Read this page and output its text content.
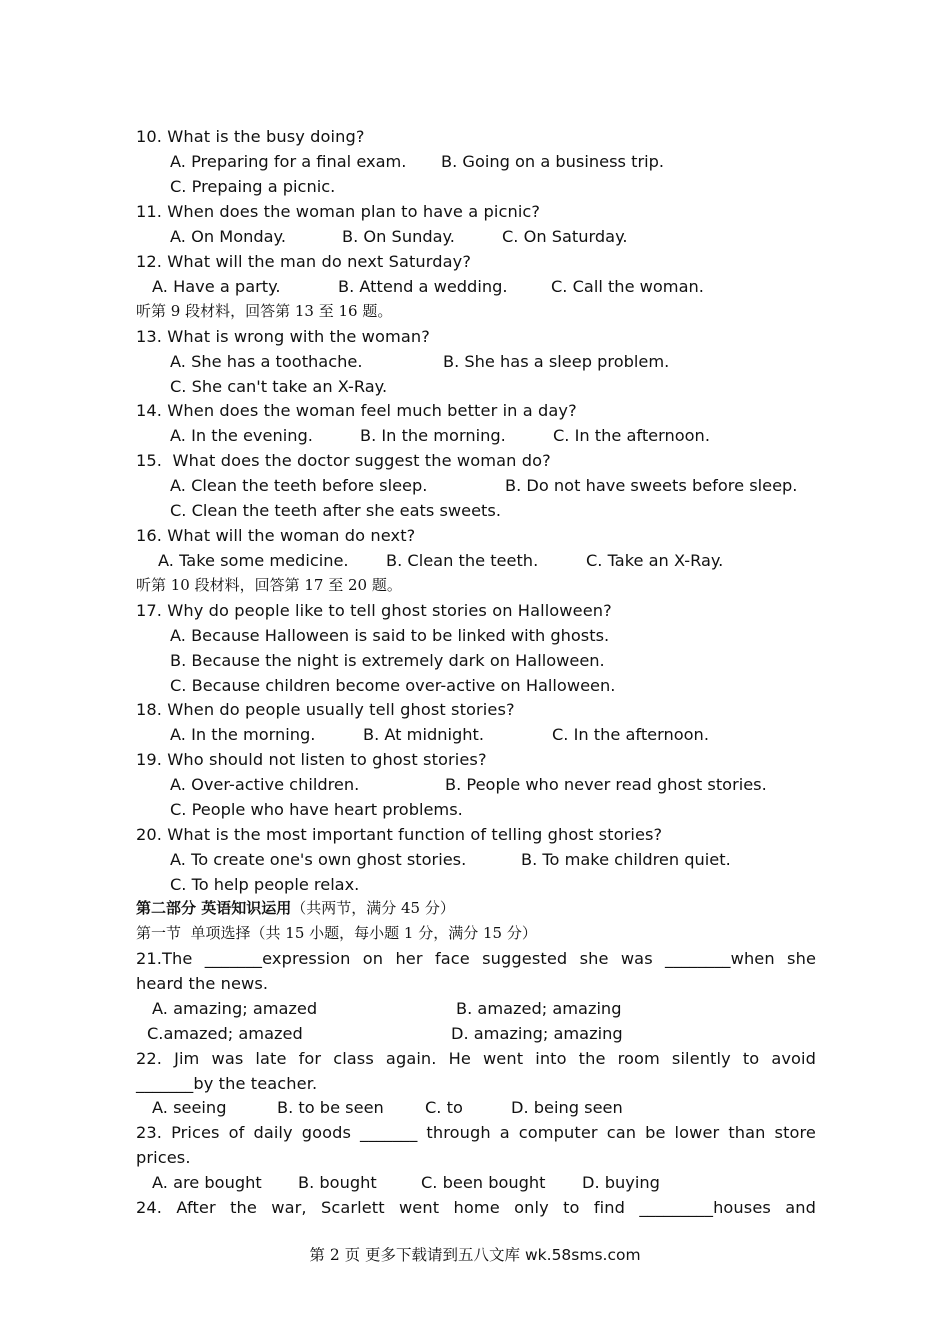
10. What is the busy doing?
A. Preparing for a final exam. B. Going on a business trip.
C. Prepaing a picnic.
11. When does the woman plan to have a picnic?
A. On Monday.	B. On Sunday.	C. On Saturday.
12. What will the man do next Saturday?
A. Have a party.	B. Attend a wedding.	C. Call the woman.
听第 9 段材料，回答第 13 至 16 题。
13. What is wrong with the woman?
A. She has a toothache.	B. She has a sleep problem.
C. She can't take an X-Ray.
14. When does the woman feel much better in a day?
A. In the evening.	B. In the morning.	C. In the afternoon.
15.  What does the doctor suggest the woman do?
A. Clean the teeth before sleep.	B. Do not have sweets before sleep.
C. Clean the teeth after she eats sweets.
16. What will the woman do next?
A. Take some medicine. B. Clean the teeth.	C. Take an X-Ray.
听第 10 段材料，回答第 17 至 20 题。
17. Why do people like to tell ghost stories on Halloween?
A. Because Halloween is said to be linked with ghosts.
B. Because the night is extremely dark on Halloween.
C. Because children become over-active on Halloween.
18. When do people usually tell ghost stories?
A. In the morning.	B. At midnight.	C. In the afternoon.
19. Who should not listen to ghost stories?
A. Over-active children.	B. People who never read ghost stories.
C. People who have heart problems.
20. What is the most important function of telling ghost stories?
A. To create one's own ghost stories.	B. To make children quiet.
C. To help people relax.
第二部分 英语知识运用（共两节，满分 45 分）
第一节  单项选择（共 15 小题，每小题 1 分，满分 15 分）
21.The _______expression on her face suggested she was ________when she
heard the news.
A. amazing; amazed	B. amazed; amazing
C.amazed; amazed	D. amazing; amazing
22. Jim was late for class again. He went into the room silently to avoid
_______by the teacher.
A. seeing	B. to be seen	C. to	D. being seen
23. Prices of daily goods _______ through a computer can be lower than store
prices.
A. are bought B. bought	C. been bought D. buying
24. After the war, Scarlett went home only to find _________houses and
第 2 页 更多下载请到五八文库 wk.58sms.com
